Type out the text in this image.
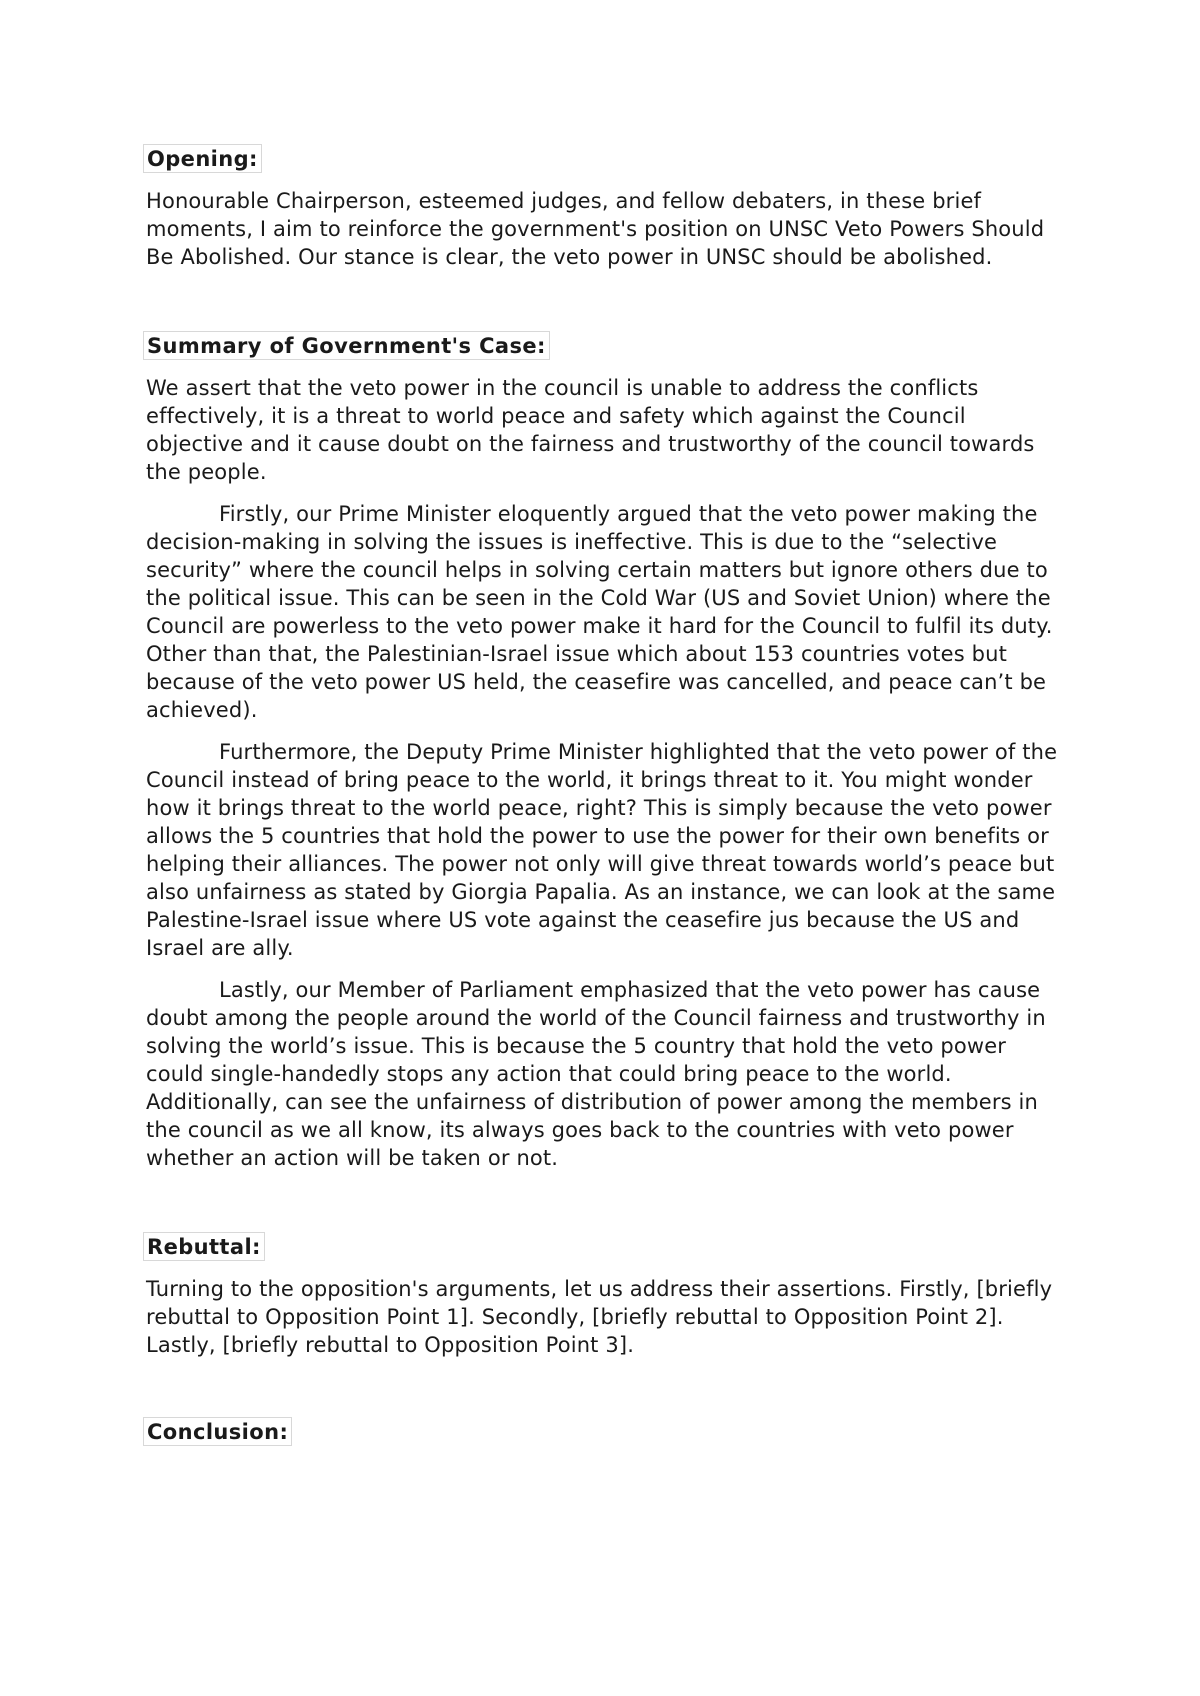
Opening:

Honourable Chairperson, esteemed judges, and fellow debaters, in these brief moments, I aim to reinforce the government's position on UNSC Veto Powers Should Be Abolished. Our stance is clear, the veto power in UNSC should be abolished.

Summary of Government's Case:

We assert that the veto power in the council is unable to address the conflicts effectively, it is a threat to world peace and safety which against the Council objective and it cause doubt on the fairness and trustworthy of the council towards the people.

Firstly, our Prime Minister eloquently argued that the veto power making the decision-making in solving the issues is ineffective. This is due to the “selective security” where the council helps in solving certain matters but ignore others due to the political issue. This can be seen in the Cold War (US and Soviet Union) where the Council are powerless to the veto power make it hard for the Council to fulfil its duty. Other than that, the Palestinian-Israel issue which about 153 countries votes but because of the veto power US held, the ceasefire was cancelled, and peace can’t be achieved).

Furthermore, the Deputy Prime Minister highlighted that the veto power of the Council instead of bring peace to the world, it brings threat to it. You might wonder how it brings threat to the world peace, right? This is simply because the veto power allows the 5 countries that hold the power to use the power for their own benefits or helping their alliances. The power not only will give threat towards world’s peace but also unfairness as stated by Giorgia Papalia. As an instance, we can look at the same Palestine-Israel issue where US vote against the ceasefire jus because the US and Israel are ally.

Lastly, our Member of Parliament emphasized that the veto power has cause doubt among the people around the world of the Council fairness and trustworthy in solving the world’s issue. This is because the 5 country that hold the veto power could single-handedly stops any action that could bring peace to the world. Additionally, can see the unfairness of distribution of power among the members in the council as we all know, its always goes back to the countries with veto power whether an action will be taken or not.

Rebuttal:

Turning to the opposition's arguments, let us address their assertions. Firstly, [briefly rebuttal to Opposition Point 1]. Secondly, [briefly rebuttal to Opposition Point 2]. Lastly, [briefly rebuttal to Opposition Point 3].

Conclusion:
